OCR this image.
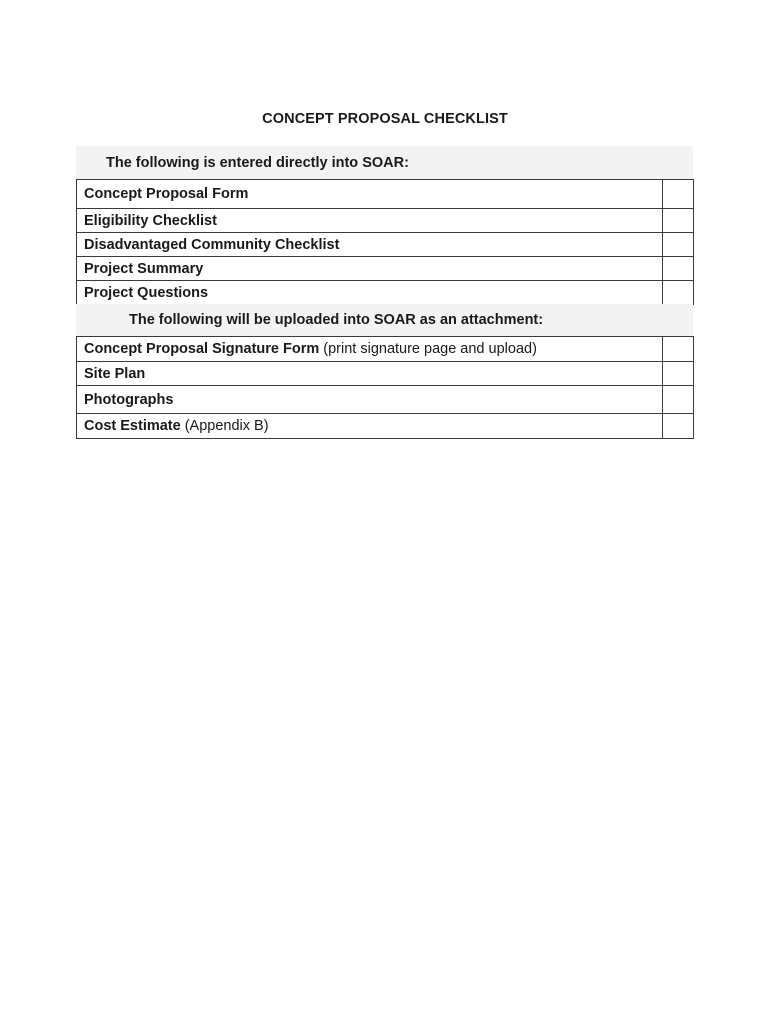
CONCEPT PROPOSAL CHECKLIST
The following is entered directly into SOAR:
Concept Proposal Form	
Eligibility Checklist	
Disadvantaged Community Checklist	
Project Summary	
Project Questions	
The following will be uploaded into SOAR as an attachment:
Concept Proposal Signature Form (print signature page and upload)	
Site Plan	
Photographs	
Cost Estimate (Appendix B)	
